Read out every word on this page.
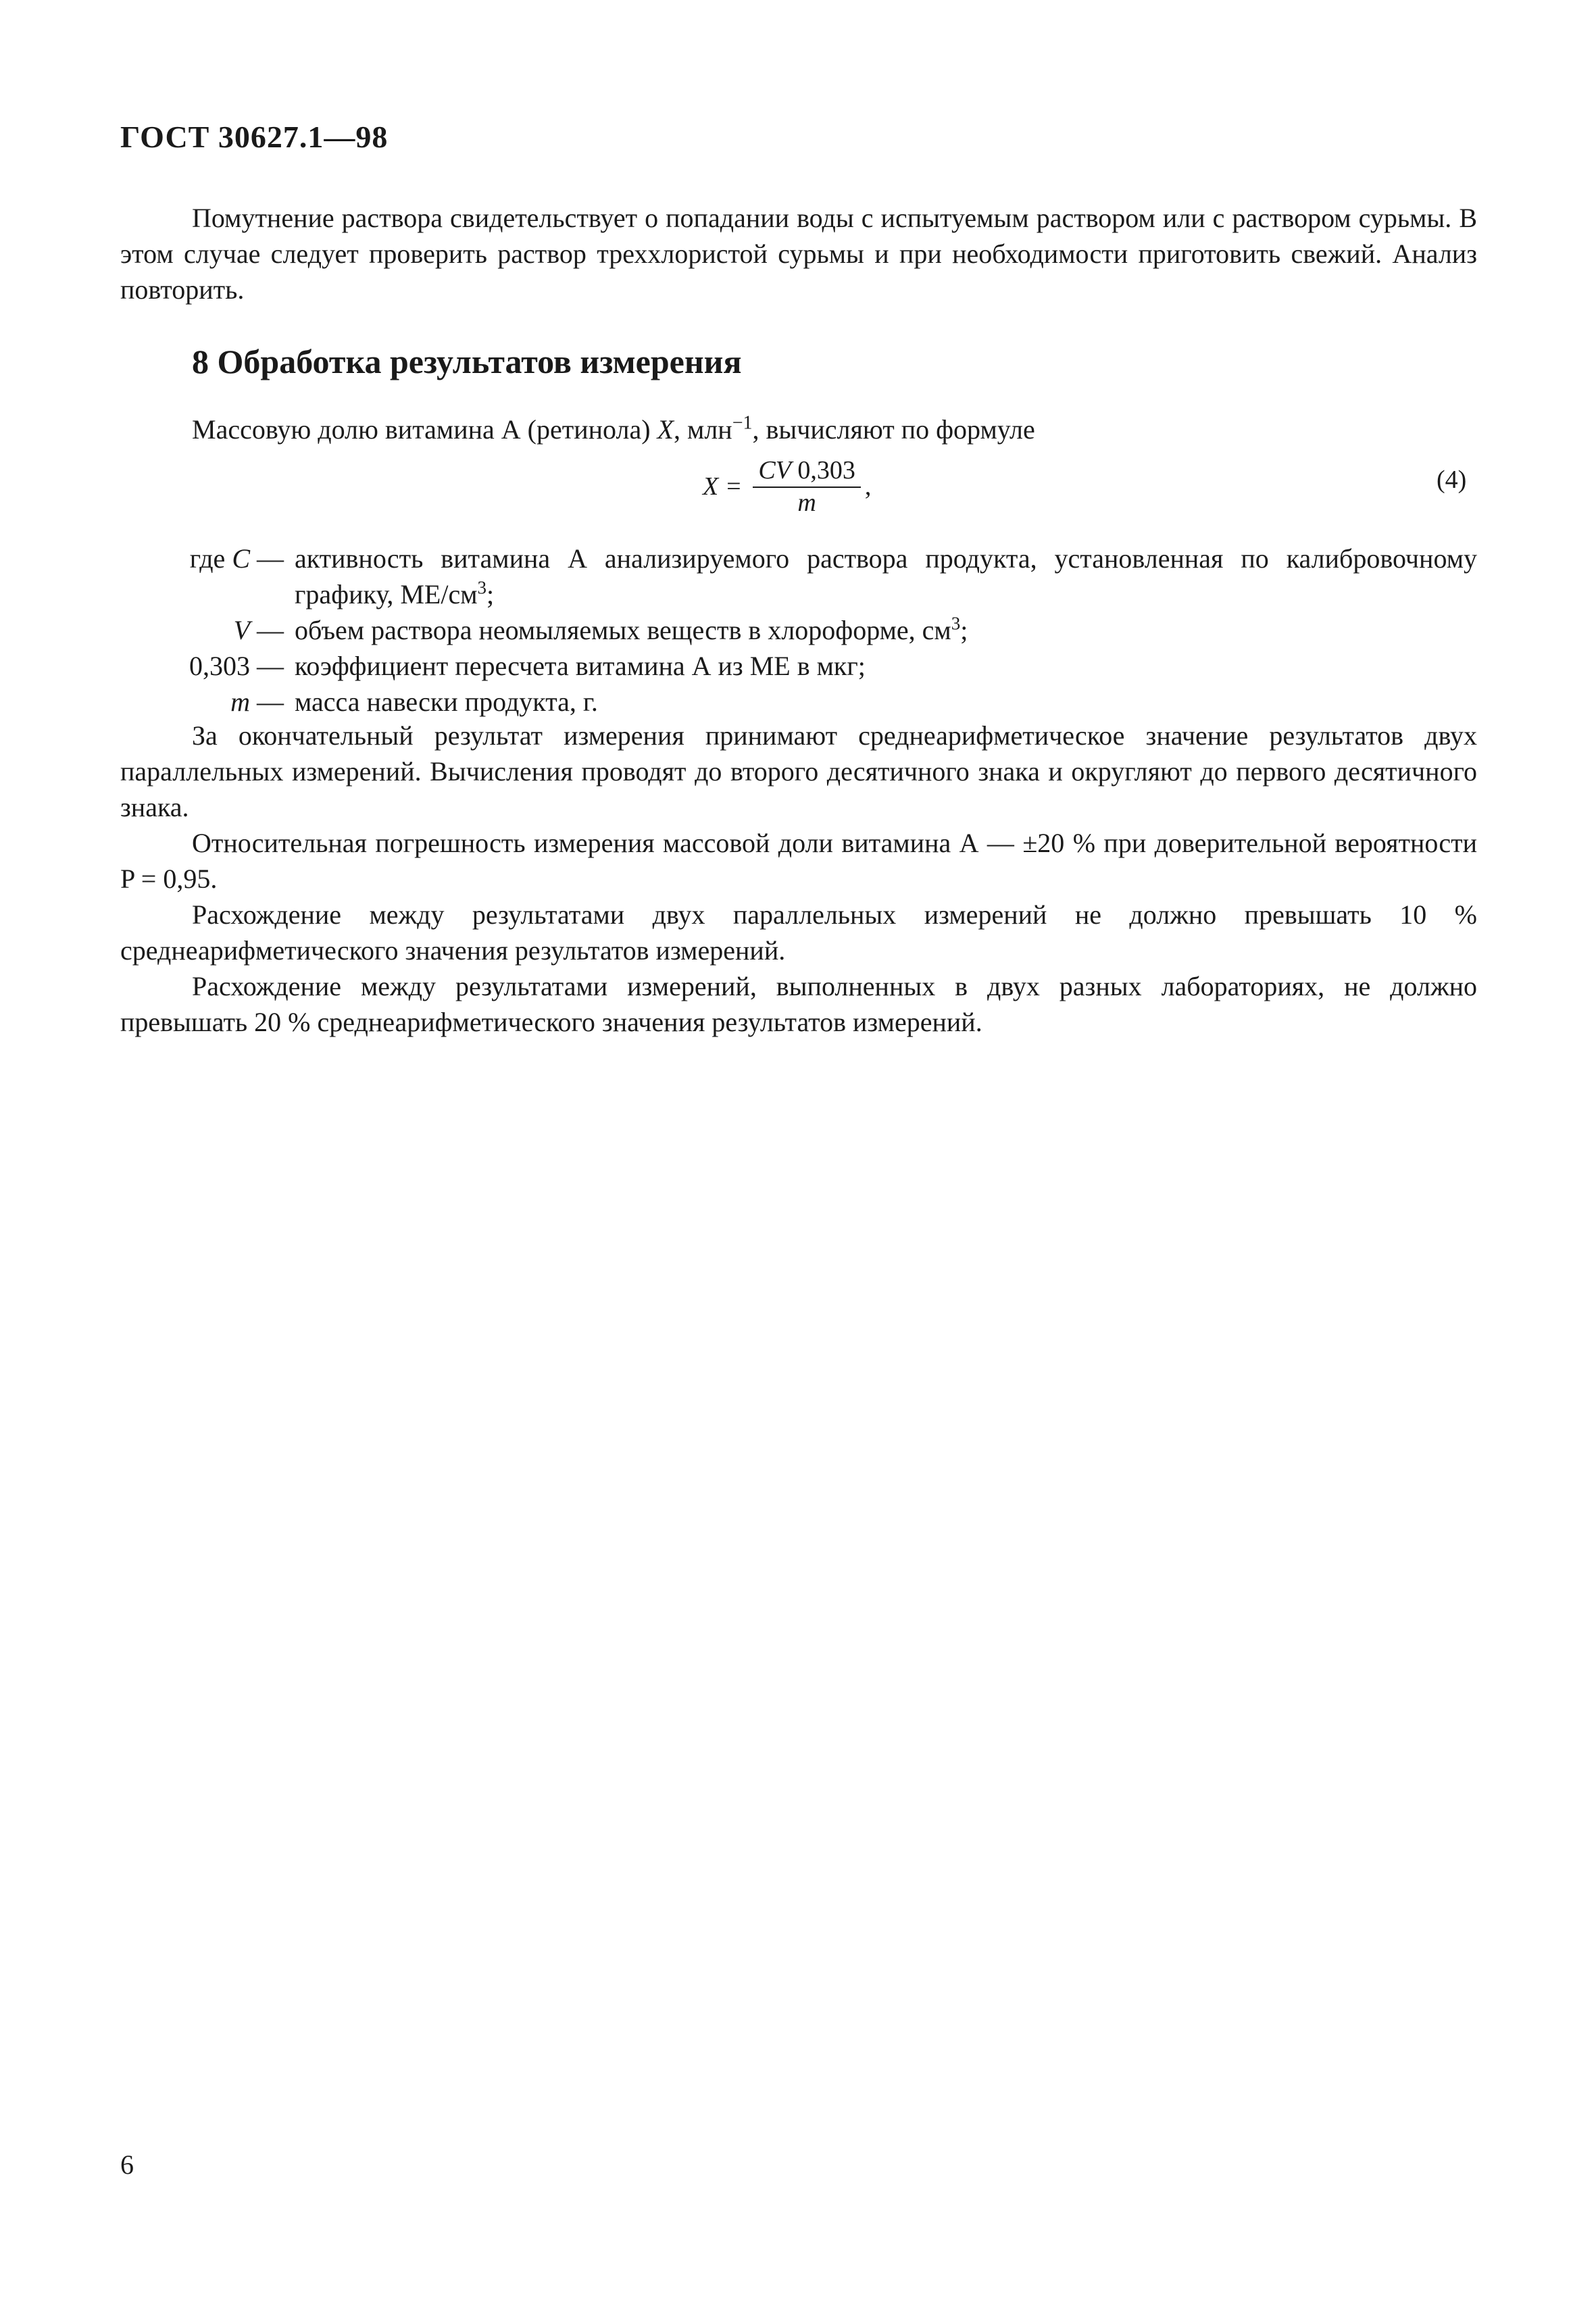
ГОСТ 30627.1—98

Помутнение раствора свидетельствует о попадании воды с испытуемым раствором или с раствором сурьмы. В этом случае следует проверить раствор треххлористой сурьмы и при необходимости приготовить свежий. Анализ повторить.

8 Обработка результатов измерения
Массовую долю витамина А (ретинола) X, млн$^{-1}$, вычисляют по формуле
$X = \frac{CV 0,303}{m}$ ,	(4)
где C — активность витамина А анализируемого раствора продукта, установленная по калибровочному графику, $МЕ/см^3$;
V — объем раствора неомыляемых веществ в хлороформе, $см^3$;
0,303 — коэффициент пересчета витамина А из МЕ в мкг;
m — масса навески продукта, г.

За окончательный результат измерения принимают среднеарифметическое значение результатов двух параллельных измерений. Вычисления проводят до второго десятичного знака и округляют до первого десятичного знака.

Относительная погрешность измерения массовой доли витамина А — ±20 % при доверительной вероятности P = 0,95.

Расхождение между результатами двух параллельных измерений не должно превышать 10 % среднеарифметического значения результатов измерений.

Расхождение между результатами измерений, выполненных в двух разных лабораториях, не должно превышать 20 % среднеарифметического значения результатов измерений.

6
